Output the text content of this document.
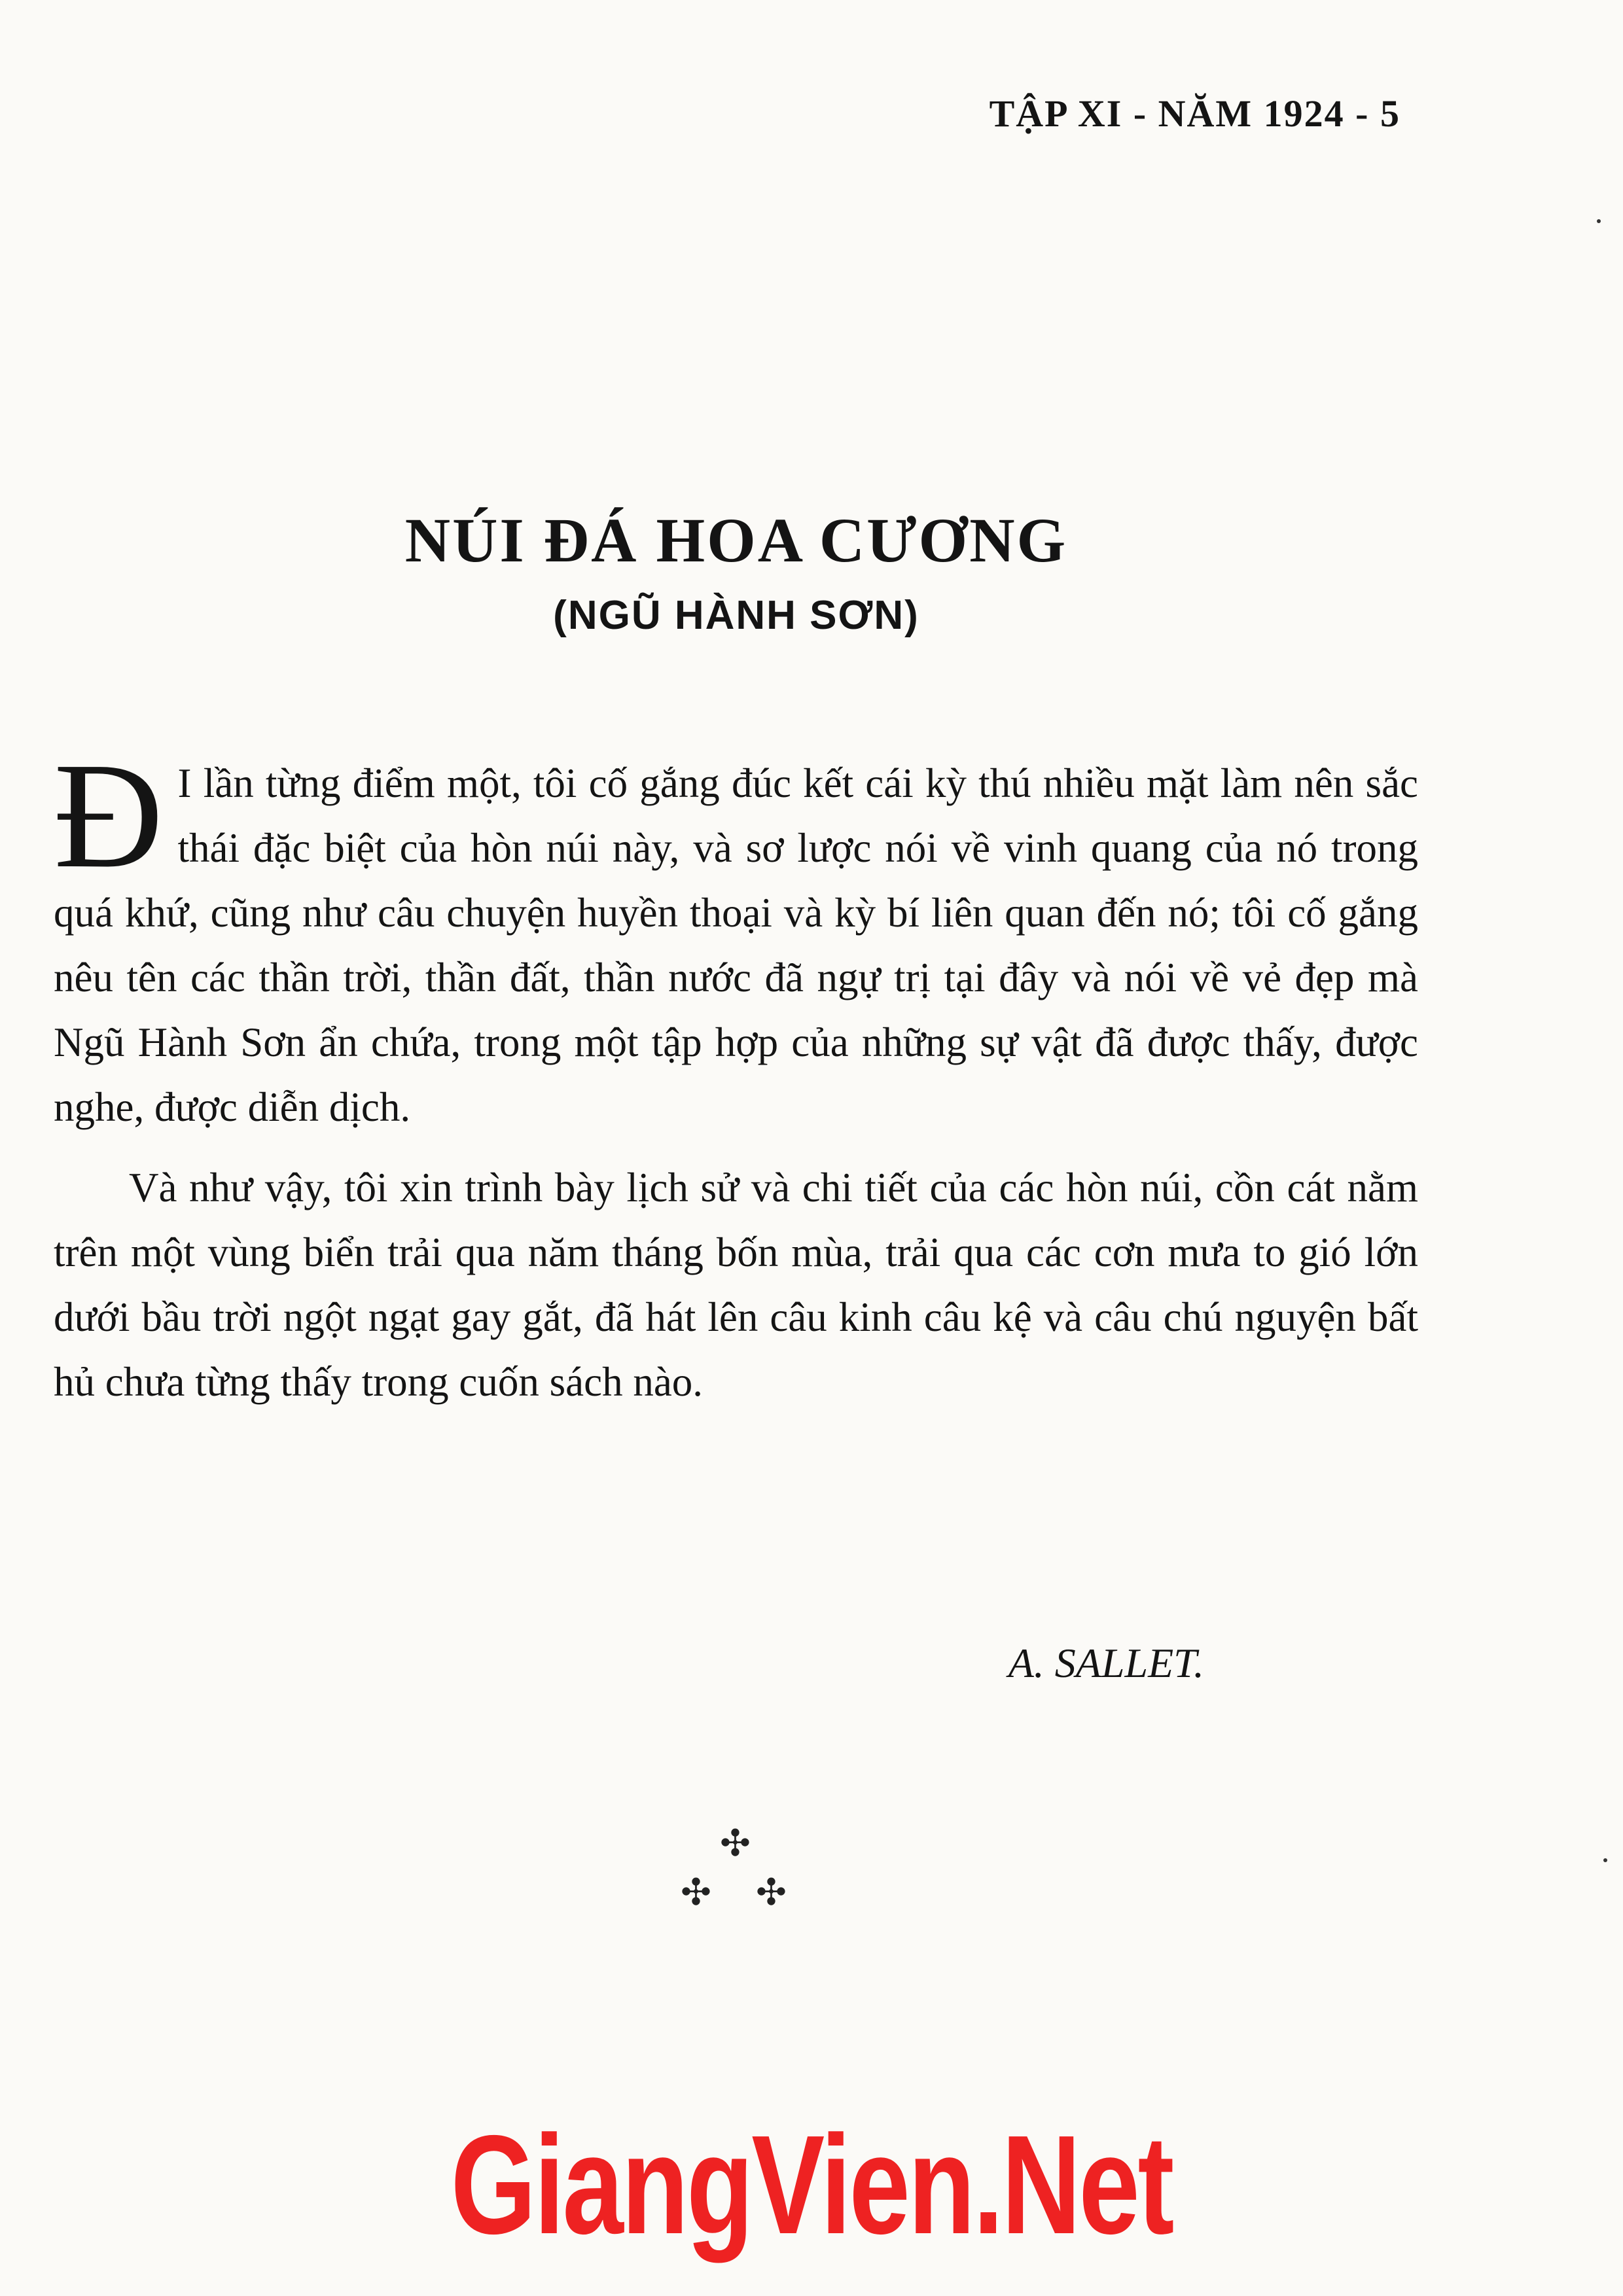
TẬP XI - NĂM 1924 - 5
NÚI ĐÁ HOA CƯƠNG
(NGŨ HÀNH SƠN)

Đ I lần từng điểm một, tôi cố gắng đúc kết cái kỳ thú nhiều mặt làm nên sắc thái đặc biệt của hòn núi này, và sơ lược nói về vinh quang của nó trong quá khứ, cũng như câu chuyện huyền thoại và kỳ bí liên quan đến nó; tôi cố gắng nêu tên các thần trời, thần đất, thần nước đã ngự trị tại đây và nói về vẻ đẹp mà Ngũ Hành Sơn ẩn chứa, trong một tập hợp của những sự vật đã được thấy, được nghe, được diễn dịch.

Và như vậy, tôi xin trình bày lịch sử và chi tiết của các hòn núi, cồn cát nằm trên một vùng biển trải qua năm tháng bốn mùa, trải qua các cơn mưa to gió lớn dưới bầu trời ngột ngạt gay gắt, đã hát lên câu kinh câu kệ và câu chú nguyện bất hủ chưa từng thấy trong cuốn sách nào.

A. SALLET.
✣
✣ ✣
GiangVien.Net
